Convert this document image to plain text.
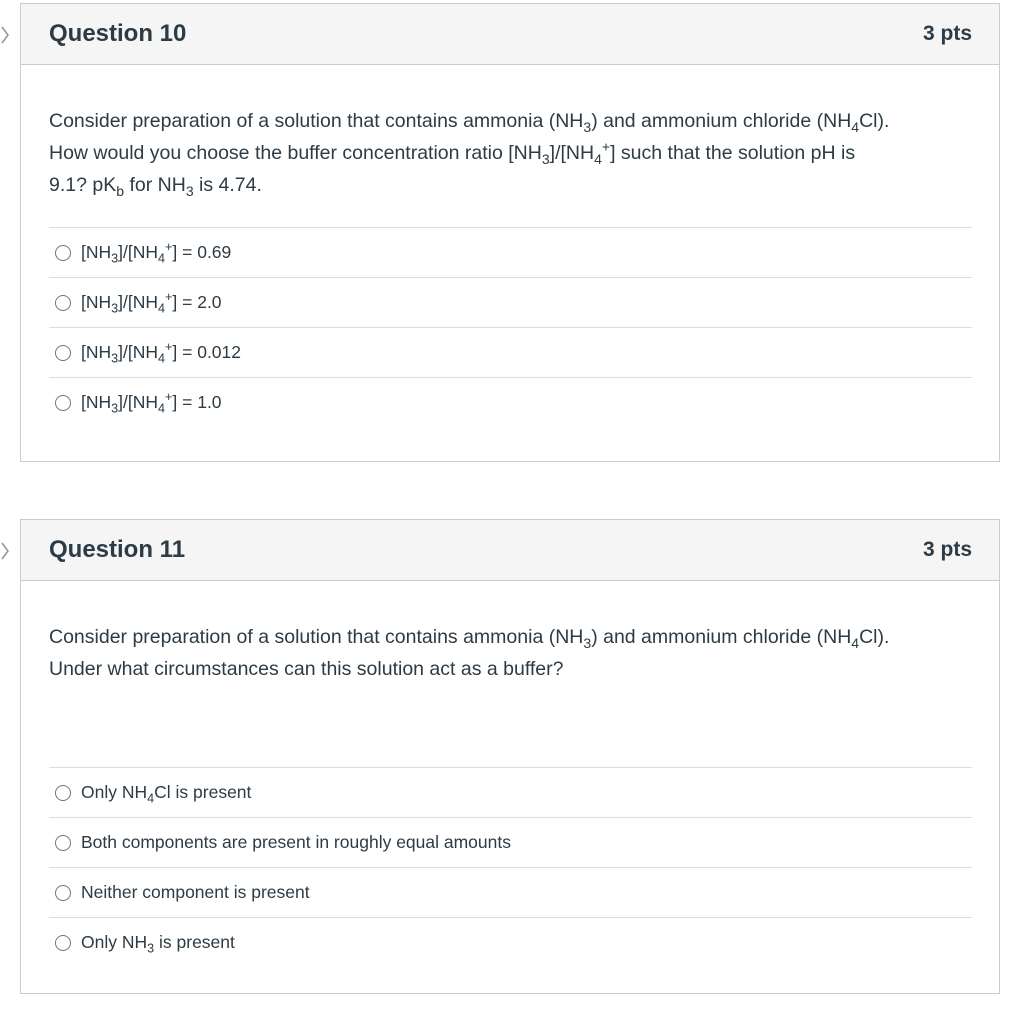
Question 10	3 pts
Consider preparation of a solution that contains ammonia $(NH_3)$ and ammonium chloride $(NH_4Cl)$.
How would you choose the buffer concentration ratio $[NH_3]/[NH_4^+]$ such that the solution pH is
9.1? $pK_b$ for $NH_3$ is 4.74.
$[NH_3]/[NH_4^+] = 0.69$
$[NH_3]/[NH_4^+] = 2.0$
$[NH_3]/[NH_4^+] = 0.012$
$[NH_3]/[NH_4^+] = 1.0$
Question 11	3 pts
Consider preparation of a solution that contains ammonia $(NH_3)$ and ammonium chloride $(NH_4Cl)$.
Under what circumstances can this solution act as a buffer?
Only $NH_4Cl$ is present
Both components are present in roughly equal amounts
Neither component is present
Only $NH_3$ is present
